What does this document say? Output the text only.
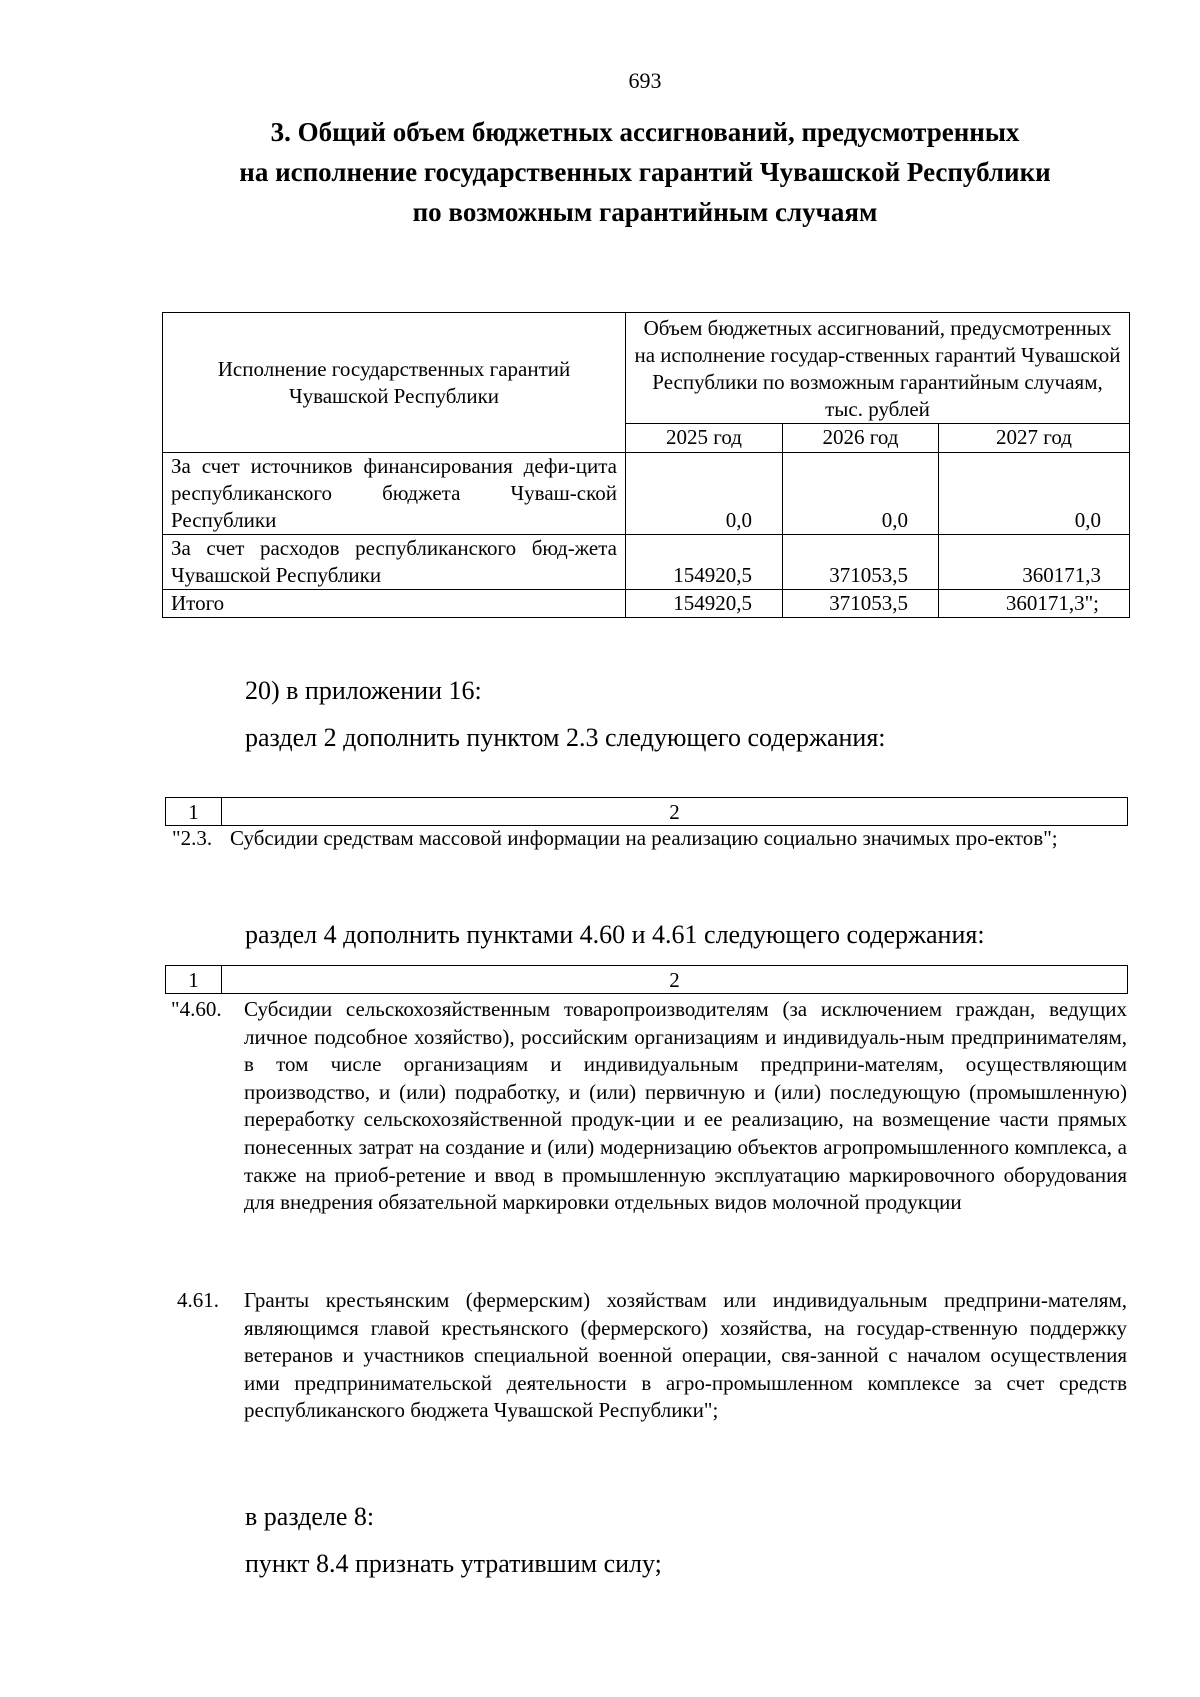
693
3. Общий объем бюджетных ассигнований, предусмотренных
на исполнение государственных гарантий Чувашской Республики
по возможным гарантийным случаям
Исполнение государственных гарантий Чувашской Республики	Объем бюджетных ассигнований, предусмотренных на исполнение государ-ственных гарантий Чувашской Республики по возможным гарантийным случаям, тыс. рублей		
	2025 год	2026 год	2027 год
За счет источников финансирования дефи-цита республиканского бюджета Чуваш-ской Республики	0,0	0,0	0,0
За счет расходов республиканского бюд-жета Чувашской Республики	154920,5	371053,5	360171,3
Итого	154920,5	371053,5	360171,3";
20) в приложении 16:
раздел 2 дополнить пунктом 2.3 следующего содержания:
1	2
"2.3. Субсидии средствам массовой информации на реализацию социально значимых про-ектов";
раздел 4 дополнить пунктами 4.60 и 4.61 следующего содержания:
1	2
"4.60. Субсидии сельскохозяйственным товаропроизводителям (за исключением граждан, ведущих личное подсобное хозяйство), российским организациям и индивидуаль-ным предпринимателям, в том числе организациям и индивидуальным предприни-мателям, осуществляющим производство, и (или) подработку, и (или) первичную и (или) последующую (промышленную) переработку сельскохозяйственной продук-ции и ее реализацию, на возмещение части прямых понесенных затрат на создание и (или) модернизацию объектов агропромышленного комплекса, а также на приоб-ретение и ввод в промышленную эксплуатацию маркировочного оборудования для внедрения обязательной маркировки отдельных видов молочной продукции
4.61. Гранты крестьянским (фермерским) хозяйствам или индивидуальным предприни-мателям, являющимся главой крестьянского (фермерского) хозяйства, на государ-ственную поддержку ветеранов и участников специальной военной операции, свя-занной с началом осуществления ими предпринимательской деятельности в агро-промышленном комплексе за счет средств республиканского бюджета Чувашской Республики";
в разделе 8:
пункт 8.4 признать утратившим силу;
